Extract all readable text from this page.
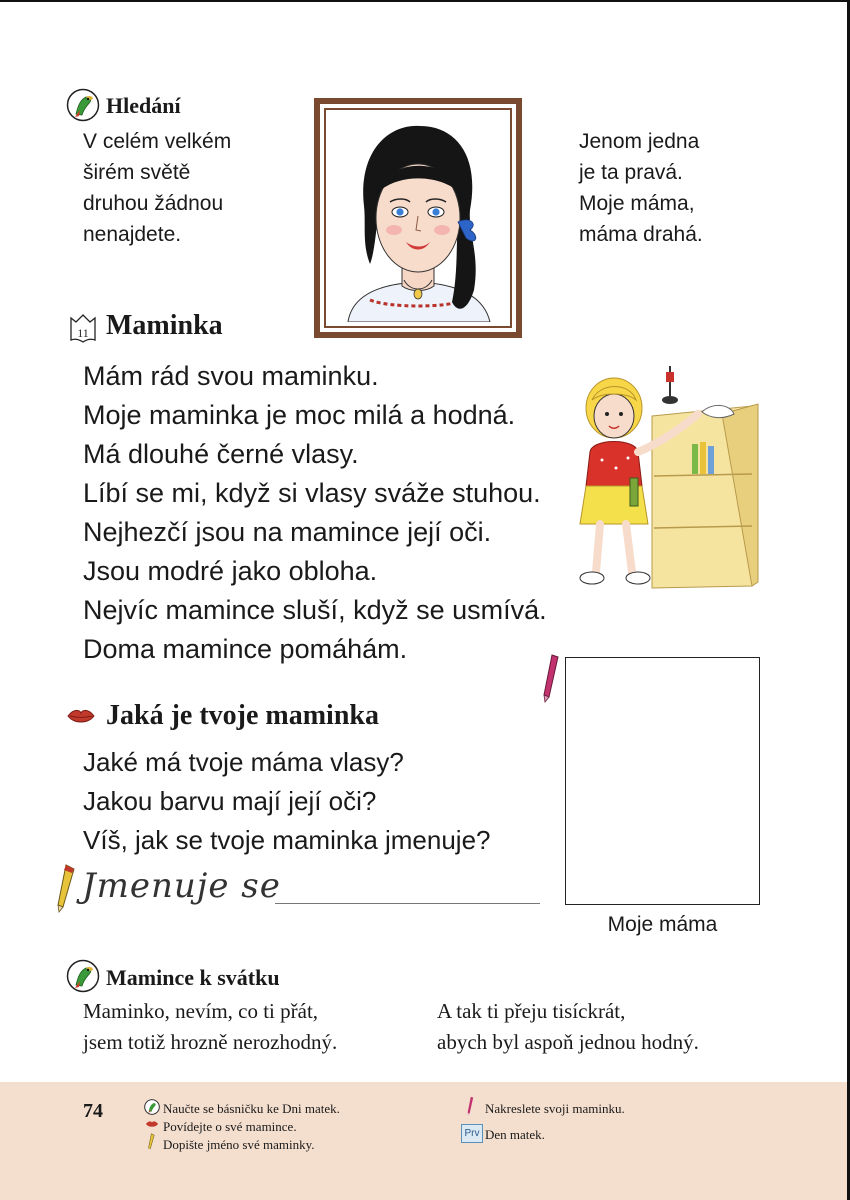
Hledání
V celém velkém
širém světě
druhou žádnou
nenajdete.
Jenom jedna
je ta pravá.
Moje máma,
máma drahá.
11 Maminka
Mám rád svou maminku.
Moje maminka je moc milá a hodná.
Má dlouhé černé vlasy.
Líbí se mi, když si vlasy sváže stuhou.
Nejhezčí jsou na mamince její oči.
Jsou modré jako obloha.
Nejvíc mamince sluší, když se usmívá.
Doma mamince pomáhám.
Jaká je tvoje maminka
Jaké má tvoje máma vlasy?
Jakou barvu mají její oči?
Víš, jak se tvoje maminka jmenuje?
Jmenuje se
Moje máma
Mamince k svátku
Maminko, nevím, co ti přát,
jsem totiž hrozně nerozhodný.
A tak ti přeju tisíckrát,
abych byl aspoň jednou hodný.
74	Naučte se básničku ke Dni matek.
Povídejte o své mamince.
Dopište jméno své maminky.
Nakreslete svoji maminku.
Prv Den matek.
